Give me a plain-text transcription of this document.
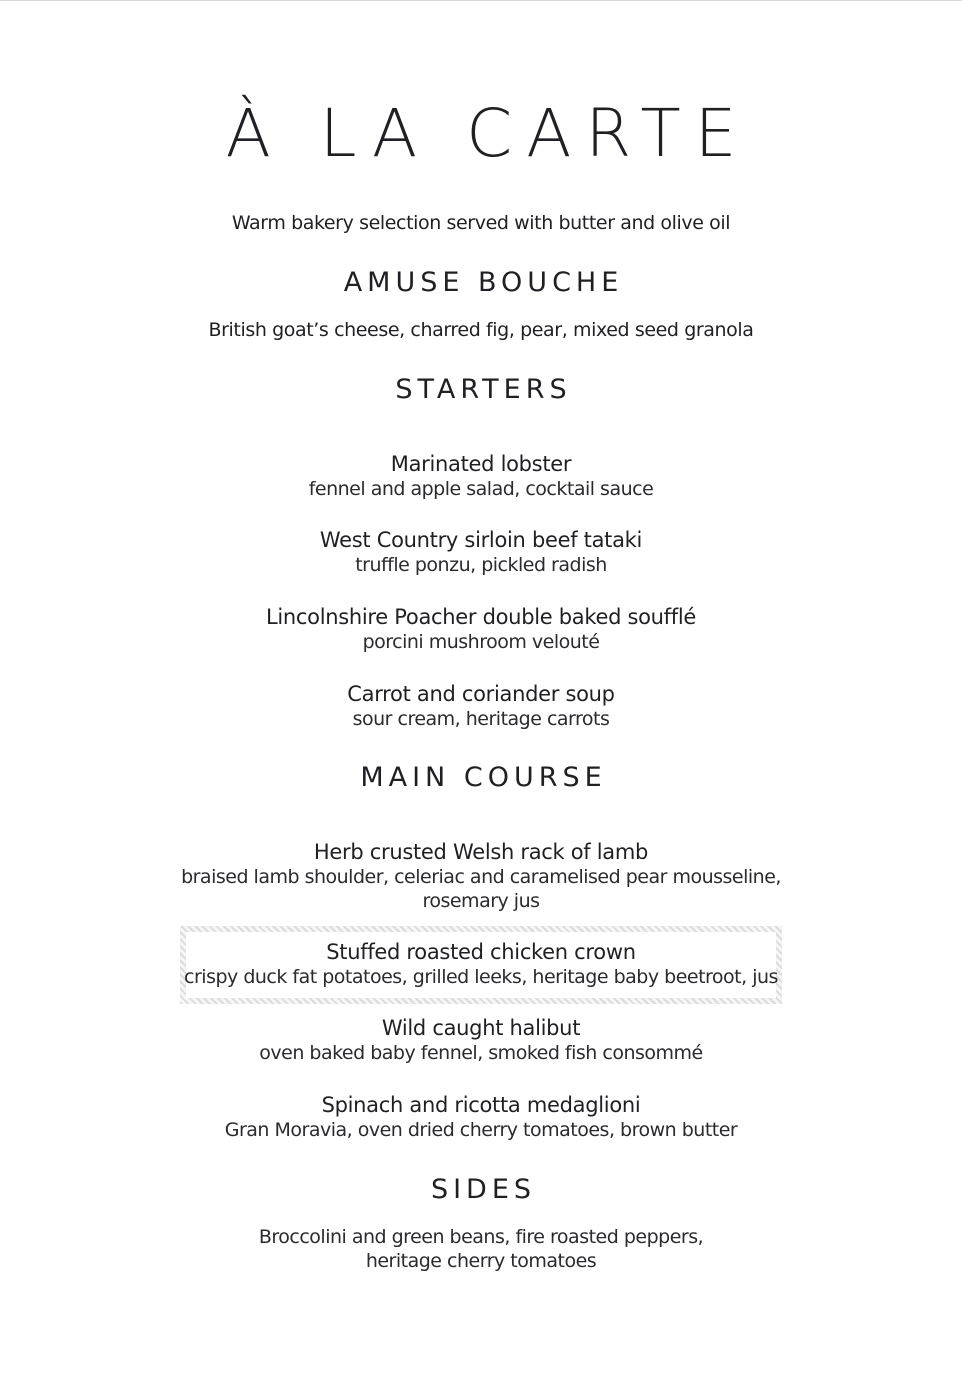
À LA CARTE
Warm bakery selection served with butter and olive oil
AMUSE BOUCHE
British goat’s cheese, charred fig, pear, mixed seed granola
STARTERS
Marinated lobster
fennel and apple salad, cocktail sauce
West Country sirloin beef tataki
truffle ponzu, pickled radish
Lincolnshire Poacher double baked soufflé
porcini mushroom velouté
Carrot and coriander soup
sour cream, heritage carrots
MAIN COURSE
Herb crusted Welsh rack of lamb
braised lamb shoulder, celeriac and caramelised pear mousseline,
rosemary jus
Stuffed roasted chicken crown
crispy duck fat potatoes, grilled leeks, heritage baby beetroot, jus
Wild caught halibut
oven baked baby fennel, smoked fish consommé
Spinach and ricotta medaglioni
Gran Moravia, oven dried cherry tomatoes, brown butter
SIDES
Broccolini and green beans, fire roasted peppers,
heritage cherry tomatoes
